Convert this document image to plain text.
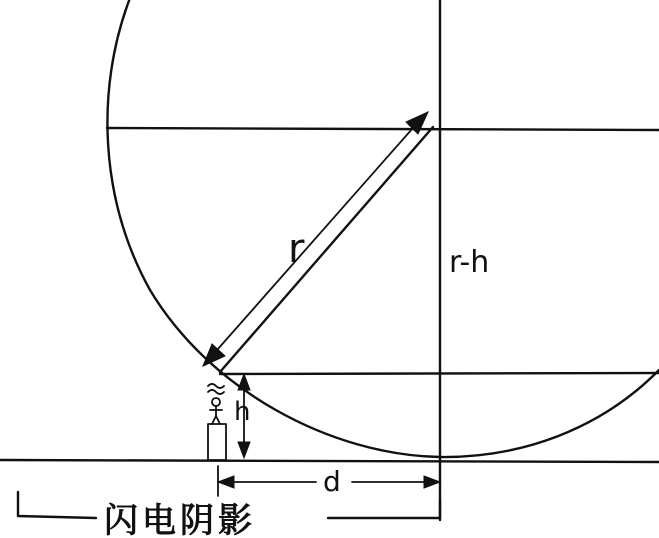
r	r-h
h
d
闪电阴影
